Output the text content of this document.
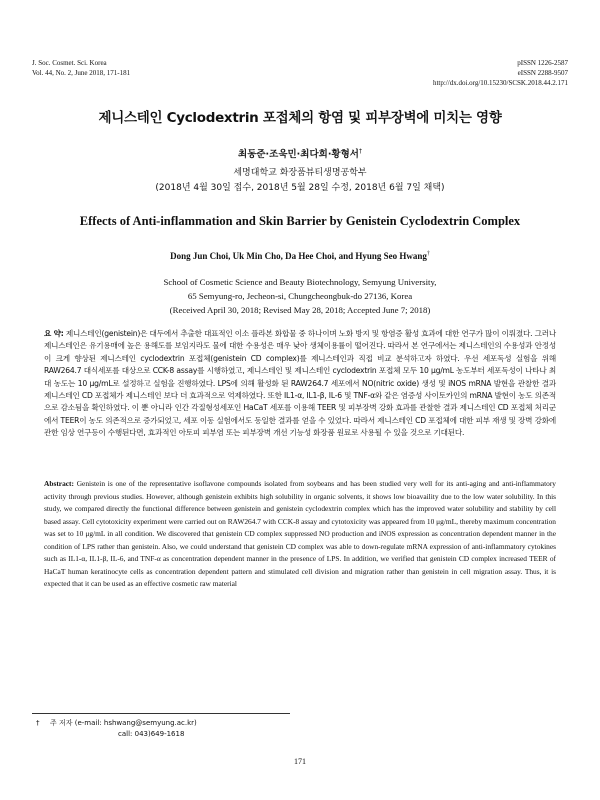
J. Soc. Cosmet. Sci. Korea
Vol. 44, No. 2, June 2018, 171-181
pISSN 1226-2587
eISSN 2288-9507
http://dx.doi.org/10.15230/SCSK.2018.44.2.171
제니스테인 Cyclodextrin 포접체의 항염 및 피부장벽에 미치는 영향
최동준·조욱민·최다희·황형서†
세명대학교 화장품뷰티생명공학부
(2018년 4월 30일 접수, 2018년 5월 28일 수정, 2018년 6월 7일 채택)
Effects of Anti-inflammation and Skin Barrier by Genistein Cyclodextrin Complex
Dong Jun Choi, Uk Min Cho, Da Hee Choi, and Hyung Seo Hwang†
School of Cosmetic Science and Beauty Biotechnology, Semyung University,
65 Semyung-ro, Jecheon-si, Chungcheongbuk-do 27136, Korea
(Received April 30, 2018; Revised May 28, 2018; Accepted June 7; 2018)
요 약: 제니스테인(genistein)은 대두에서 추출한 대표적인 이소 플라본 화합물 중 하나이며 노화 방지 및 항염증 활성 효과에 대한 연구가 많이 이뤄졌다. 그러나 제니스테인은 유기용매에 높은 용해도를 보임지라도 물에 대한 수용성은 매우 낮아 생체이용률이 떨어진다. 따라서 본 연구에서는 제니스테인의 수용성과 안정성이 크게 향상된 제니스테인 cyclodextrin 포접체(genistein CD complex)를 제니스테인과 직접 비교 분석하고자 하였다. 우선 세포독성 실험을 위해 RAW264.7 대식세포를 대상으로 CCK-8 assay를 시행하였고, 제니스테인 및 제니스테인 cyclodextrin 포접체 모두 10 μg/mL 농도부터 세포독성이 나타나 최대 농도는 10 μg/mL로 설정하고 실험을 진행하였다. LPS에 의해 활성화 된 RAW264.7 세포에서 NO(nitric oxide) 생성 및 iNOS mRNA 발현을 관찰한 결과 제니스테인 CD 포접체가 제니스테인 보다 더 효과적으로 억제하였다. 또한 IL1-α, IL1-β, IL-6 및 TNF-α와 같은 염증성 사이토카인의 mRNA 발현이 농도 의존적으로 감소됨을 확인하였다. 이 뿐 아니라 인간 각질형성세포인 HaCaT 세포를 이용해 TEER 및 피부장벽 강화 효과를 관찰한 결과 제니스테인 CD 포접체 처리군에서 TEER이 농도 의존적으로 증가되었고, 세포 이동 실험에서도 동일한 결과를 얻을 수 있었다. 따라서 제니스테인 CD 포접체에 대한 피부 재생 및 장벽 강화에 관한 임상 연구등이 수행된다면, 효과적인 아토피 피부염 또는 피부장벽 개선 기능성 화장품 원료로 사용될 수 있을 것으로 기대된다.
Abstract: Genistein is one of the representative isoflavone compounds isolated from soybeans and has been studied very well for its anti-aging and anti-inflammatory activity through previous studies. However, although genistein exhibits high solubility in organic solvents, it shows low bioavaility due to the low water solubility. In this study, we compared directly the functional difference between genistein and genistein cyclodextrin complex which has the improved water solubility and stability by cell based assay. Cell cytotoxicity experiment were carried out on RAW264.7 with CCK-8 assay and cytotoxicity was appeared from 10 μg/mL, thereby maximum concentration was set to 10 μg/mL in all condition. We discovered that genistein CD complex suppressed NO production and iNOS expression as concentration dependent manner in the condition of LPS rather than genistein. Also, we could understand that genistein CD complex was able to down-regulate mRNA expression of anti-inflammatory cytokines such as IL1-α, IL1-β, IL-6, and TNF-α as concentration dependent manner in the presence of LPS. In addition, we verified that genistein CD complex increased TEER of HaCaT human keratinocyte cells as concentration dependent pattern and stimulated cell division and migration rather than genistein in cell migration assay. Thus, it is expected that it can be used as an effective cosmetic raw material
† 주 저자 (e-mail: hshwang@semyung.ac.kr)
call: 043)649-1618
171
